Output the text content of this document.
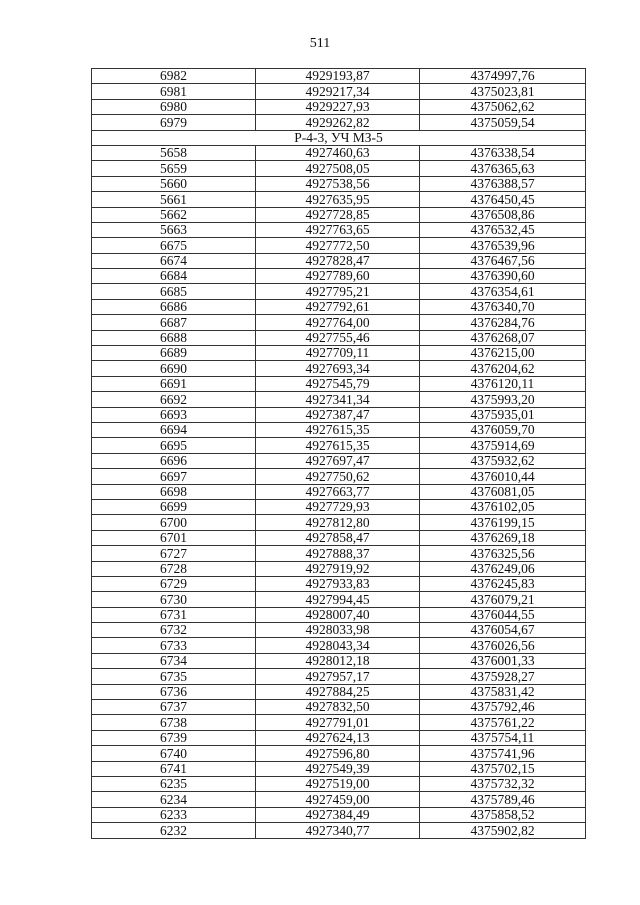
511
6982	4929193,87	4374997,76
6981	4929217,34	4375023,81
6980	4929227,93	4375062,62
6979	4929262,82	4375059,54
Р-4-3, УЧ МЗ-5		
5658	4927460,63	4376338,54
5659	4927508,05	4376365,63
5660	4927538,56	4376388,57
5661	4927635,95	4376450,45
5662	4927728,85	4376508,86
5663	4927763,65	4376532,45
6675	4927772,50	4376539,96
6674	4927828,47	4376467,56
6684	4927789,60	4376390,60
6685	4927795,21	4376354,61
6686	4927792,61	4376340,70
6687	4927764,00	4376284,76
6688	4927755,46	4376268,07
6689	4927709,11	4376215,00
6690	4927693,34	4376204,62
6691	4927545,79	4376120,11
6692	4927341,34	4375993,20
6693	4927387,47	4375935,01
6694	4927615,35	4376059,70
6695	4927615,35	4375914,69
6696	4927697,47	4375932,62
6697	4927750,62	4376010,44
6698	4927663,77	4376081,05
6699	4927729,93	4376102,05
6700	4927812,80	4376199,15
6701	4927858,47	4376269,18
6727	4927888,37	4376325,56
6728	4927919,92	4376249,06
6729	4927933,83	4376245,83
6730	4927994,45	4376079,21
6731	4928007,40	4376044,55
6732	4928033,98	4376054,67
6733	4928043,34	4376026,56
6734	4928012,18	4376001,33
6735	4927957,17	4375928,27
6736	4927884,25	4375831,42
6737	4927832,50	4375792,46
6738	4927791,01	4375761,22
6739	4927624,13	4375754,11
6740	4927596,80	4375741,96
6741	4927549,39	4375702,15
6235	4927519,00	4375732,32
6234	4927459,00	4375789,46
6233	4927384,49	4375858,52
6232	4927340,77	4375902,82
